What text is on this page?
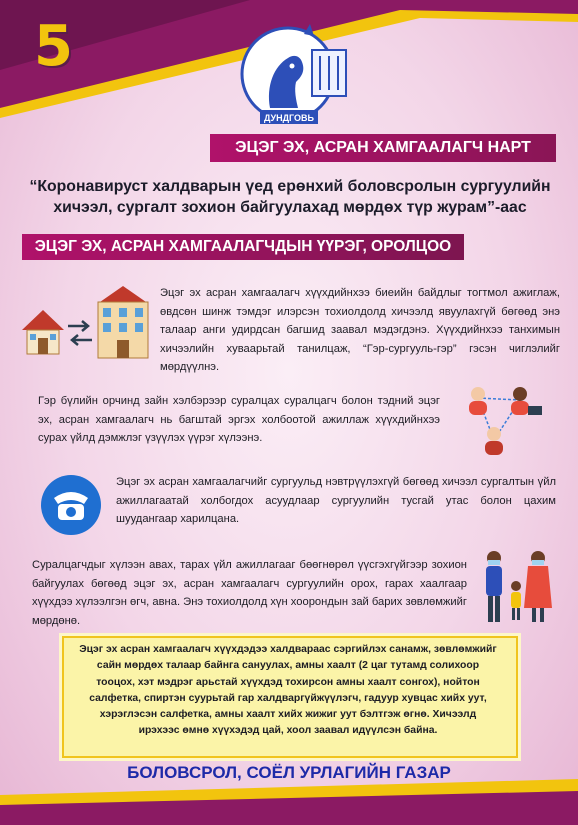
5
ДУНДГОВЬ
ЭЦЭГ ЭХ, АСРАН ХАМГААЛАГЧ НАРТ
“Коронавируст халдварын үед ерөнхий боловсролын сургуулийн
хичээл, сургалт зохион байгуулахад мөрдөх түр журам”-аас
ЭЦЭГ ЭХ, АСРАН ХАМГААЛАГЧДЫН ҮҮРЭГ, ОРОЛЦОО
Эцэг эх асран хамгаалагч хүүхдийнхээ биеийн байдлыг тогтмол ажиглаж, өвдсөн шинж тэмдэг илэрсэн тохиолдолд хичээлд явуулахгүй бөгөөд энэ талаар анги удирдсан багшид заавал мэдэгдэнэ. Хүүхдийнхээ танхимын хичээлийн хуваарьтай танилцаж, “Гэр-сургууль-гэр” гэсэн чиглэлийг мөрдүүлнэ.
Гэр бүлийн орчинд зайн хэлбэрээр суралцах суралцагч болон тэдний эцэг эх, асран хамгаалагч нь багштай эргэх холбоотой ажиллаж хүүхдийнхээ сурах үйлд дэмжлэг үзүүлэх үүрэг хүлээнэ.
Эцэг эх асран хамгаалагчийг сургуульд нэвтрүүлэхгүй бөгөөд хичээл сургалтын үйл ажиллагаатай холбогдох асуудлаар сургуулийн тусгай утас болон цахим шуудангаар харилцана.
Суралцагчдыг хүлээн авах, тарах үйл ажиллагааг бөөгнөрөл үүсгэхгүйгээр зохион байгуулах бөгөөд эцэг эх, асран хамгаалагч сургуулийн орох, гарах хаалгаар хүүхдээ хүлээлгэн өгч, авна. Энэ тохиолдолд хүн хоорондын зай барих зөвлөмжийг мөрдөнө.
Эцэг эх асран хамгаалагч хүүхдэдээ халдвараас сэргийлэх санамж, зөвлөмжийг сайн мөрдөх талаар байнга сануулах, амны хаалт (2 цаг тутамд солихоор тооцох, хэт мэдрэг арьстай хүүхдэд тохирсон амны хаалт сонгох), нойтон салфетка, спиртэн суурьтай гар халдваргүйжүүлэгч, гадуур хувцас хийх уут, хэрэглэсэн салфетка, амны хаалт хийх жижиг уут бэлтгэж өгнө. Хичээлд ирэхээс өмнө хүүхэдэд цай, хоол заавал идүүлсэн байна.
БОЛОВСРОЛ, СОЁЛ УРЛАГИЙН ГАЗАР
